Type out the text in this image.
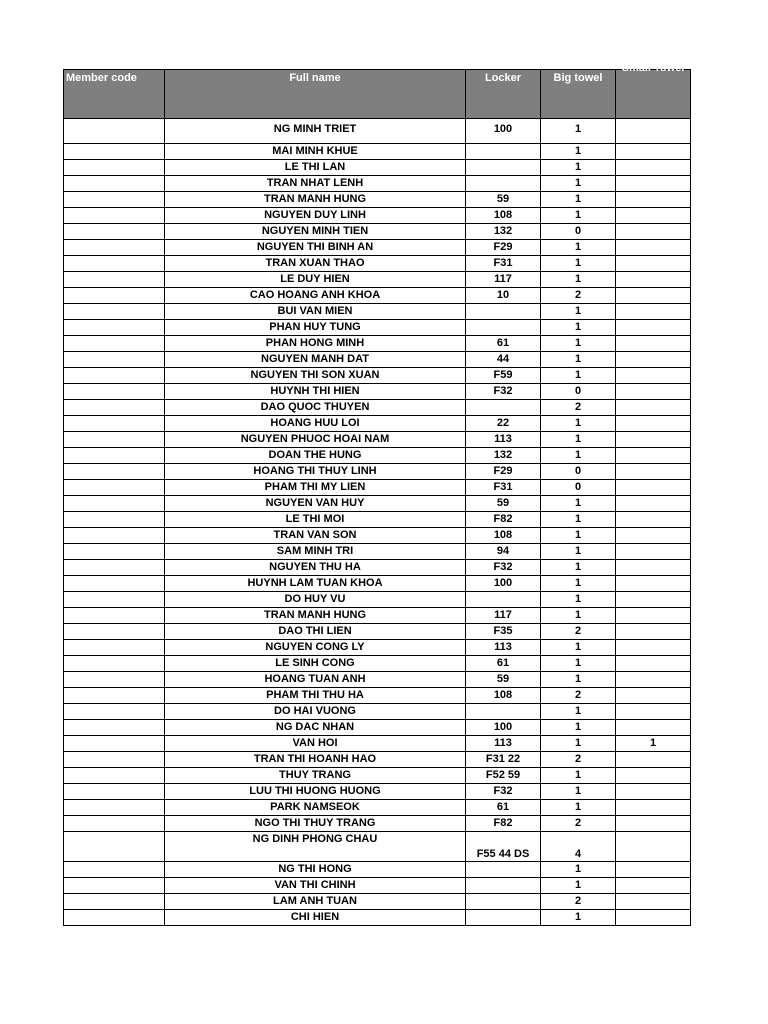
Member code	Full name	Locker	Big towel	Small Towel

	NG MINH TRIET	100	1	
	MAI MINH KHUE		1	
	LE THI LAN		1	
	TRAN NHAT LENH		1	
	TRAN MANH HUNG	59	1	
	NGUYEN DUY LINH	108	1	
	NGUYEN MINH TIEN	132	0	
	NGUYEN THI BINH AN	F29	1	
	TRAN XUAN THAO	F31	1	
	LE DUY HIEN	117	1	
	CAO HOANG ANH KHOA	10	2	
	BUI VAN MIEN		1	
	PHAN HUY TUNG		1	
	PHAN HONG MINH	61	1	
	NGUYEN MANH DAT	44	1	
	NGUYEN THI SON XUAN	F59	1	
	HUYNH THI HIEN	F32	0	
	DAO QUOC THUYEN		2	
	HOANG HUU LOI	22	1	
	NGUYEN PHUOC HOAI NAM	113	1	
	DOAN THE HUNG	132	1	
	HOANG THI THUY LINH	F29	0	
	PHAM THI MY LIEN	F31	0	
	NGUYEN VAN HUY	59	1	
	LE THI MOI	F82	1	
	TRAN VAN SON	108	1	
	SAM MINH TRI	94	1	
	NGUYEN THU HA	F32	1	
	HUYNH LAM TUAN KHOA	100	1	
	DO HUY VU		1	
	TRAN MANH HUNG	117	1	
	DAO THI LIEN	F35	2	
	NGUYEN CONG LY	113	1	
	LE SINH CONG	61	1	
	HOANG TUAN ANH	59	1	
	PHAM THI THU HA	108	2	
	DO HAI VUONG		1	
	NG DAC NHAN	100	1	
	VAN HOI	113	1	1
	TRAN THI HOANH HAO	F31 22	2	
	THUY TRANG	F52 59	1	
	LUU THI HUONG HUONG	F32	1	
	PARK NAMSEOK	61	1	
	NGO THI THUY TRANG	F82	2	
	NG DINH PHONG CHAU	F55 44 DS	4	
	NG THI HONG		1	
	VAN THI CHINH		1	
	LAM ANH TUAN		2	
	CHI HIEN		1	
